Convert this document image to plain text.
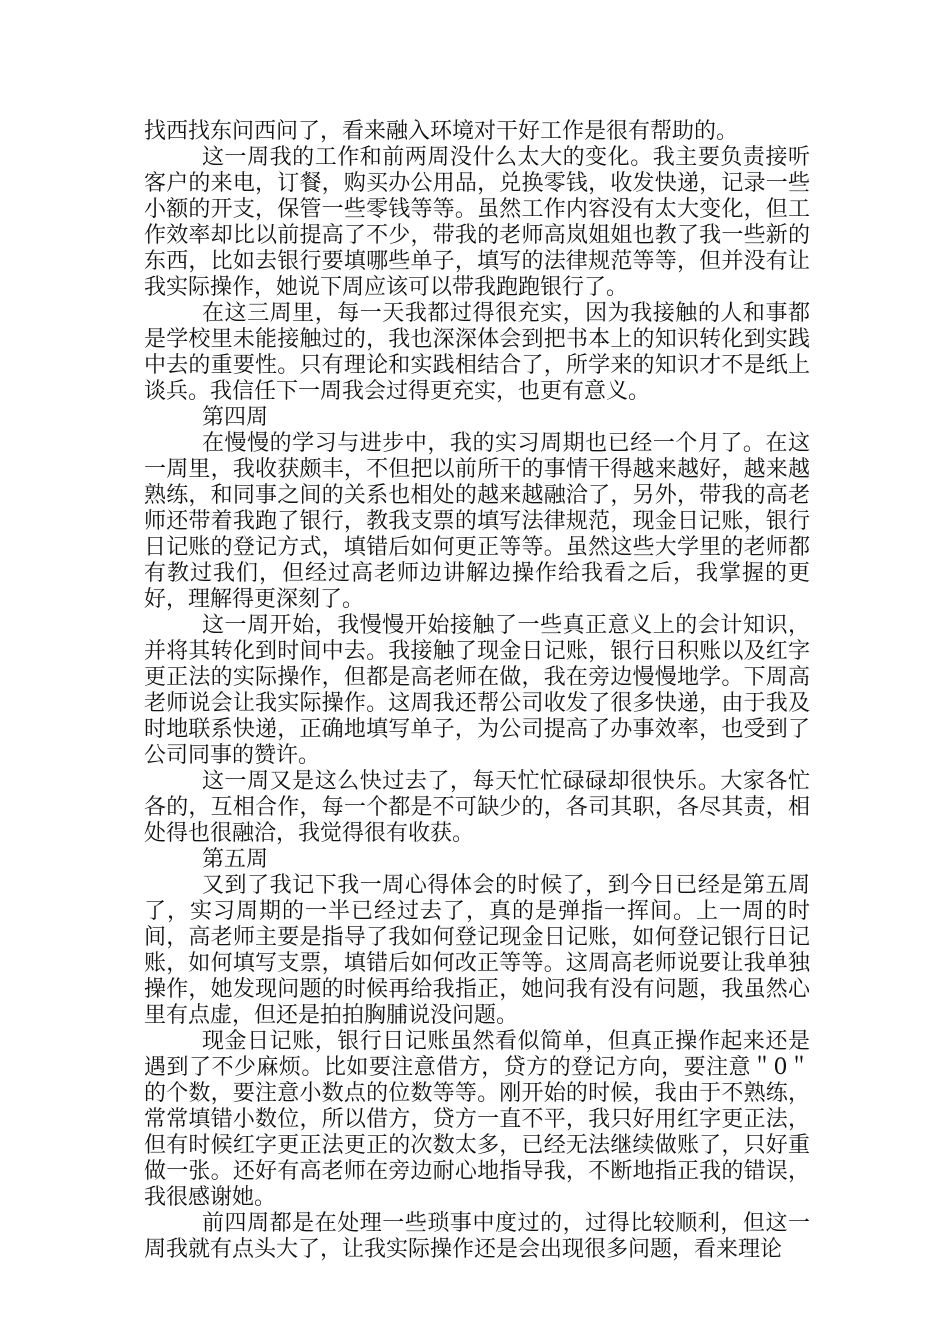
找西找东问西问了，看来融入环境对干好工作是很有帮助的。

这一周我的工作和前两周没什么太大的变化。我主要负责接听客户的来电，订餐，购买办公用品，兑换零钱，收发快递，记录一些小额的开支，保管一些零钱等等。虽然工作内容没有太大变化，但工作效率却比以前提高了不少，带我的老师高岚姐姐也教了我一些新的东西，比如去银行要填哪些单子，填写的法律规范等等，但并没有让我实际操作，她说下周应该可以带我跑跑银行了。

在这三周里，每一天我都过得很充实，因为我接触的人和事都是学校里未能接触过的，我也深深体会到把书本上的知识转化到实践中去的重要性。只有理论和实践相结合了，所学来的知识才不是纸上谈兵。我信任下一周我会过得更充实，也更有意义。

第四周

在慢慢的学习与进步中，我的实习周期也已经一个月了。在这一周里，我收获颇丰，不但把以前所干的事情干得越来越好，越来越熟练，和同事之间的关系也相处的越来越融洽了，另外，带我的高老师还带着我跑了银行，教我支票的填写法律规范，现金日记账，银行日记账的登记方式，填错后如何更正等等。虽然这些大学里的老师都有教过我们，但经过高老师边讲解边操作给我看之后，我掌握的更好，理解得更深刻了。

这一周开始，我慢慢开始接触了一些真正意义上的会计知识，并将其转化到时间中去。我接触了现金日记账，银行日积账以及红字更正法的实际操作，但都是高老师在做，我在旁边慢慢地学。下周高老师说会让我实际操作。这周我还帮公司收发了很多快递，由于我及时地联系快递，正确地填写单子，为公司提高了办事效率，也受到了公司同事的赞许。

这一周又是这么快过去了，每天忙忙碌碌却很快乐。大家各忙各的，互相合作，每一个都是不可缺少的，各司其职，各尽其责，相处得也很融洽，我觉得很有收获。

第五周

又到了我记下我一周心得体会的时候了，到今日已经是第五周了，实习周期的一半已经过去了，真的是弹指一挥间。上一周的时间，高老师主要是指导了我如何登记现金日记账，如何登记银行日记账，如何填写支票，填错后如何改正等等。这周高老师说要让我单独操作，她发现问题的时候再给我指正，她问我有没有问题，我虽然心里有点虚，但还是拍拍胸脯说没问题。

现金日记账，银行日记账虽然看似简单，但真正操作起来还是遇到了不少麻烦。比如要注意借方，贷方的登记方向，要注意＂0＂的个数，要注意小数点的位数等等。刚开始的时候，我由于不熟练，常常填错小数位，所以借方，贷方一直不平，我只好用红字更正法，但有时候红字更正法更正的次数太多，已经无法继续做账了，只好重做一张。还好有高老师在旁边耐心地指导我，不断地指正我的错误，我很感谢她。

前四周都是在处理一些琐事中度过的，过得比较顺利，但这一周我就有点头大了，让我实际操作还是会出现很多问题，看来理论
